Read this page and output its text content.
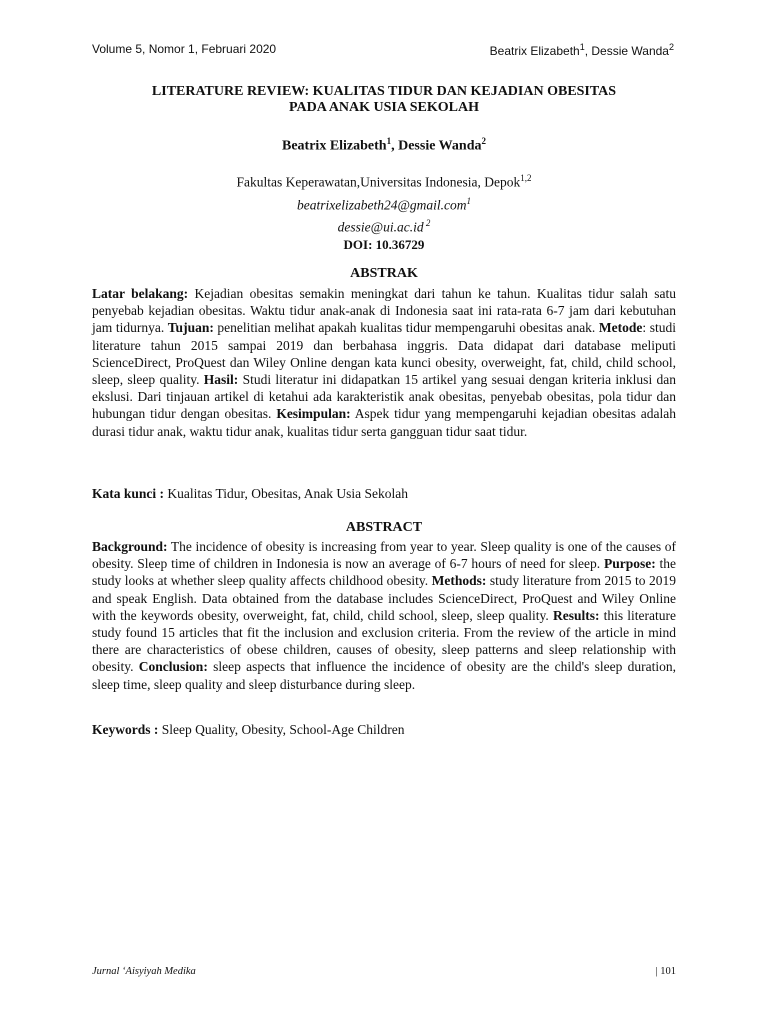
Volume 5, Nomor 1, Februari 2020	Beatrix Elizabeth$^1$, Dessie Wanda$^2$
LITERATURE REVIEW: KUALITAS TIDUR DAN KEJADIAN OBESITAS
PADA ANAK USIA SEKOLAH
Beatrix Elizabeth$^1$, Dessie Wanda$^2$
Fakultas Keperawatan,Universitas Indonesia, Depok$^{1,2}$
beatrixelizabeth24@gmail.com$^1$
dessie@ui.ac.id $^2$
DOI: 10.36729
ABSTRAK
Latar belakang: Kejadian obesitas semakin meningkat dari tahun ke tahun. Kualitas tidur salah satu penyebab kejadian obesitas. Waktu tidur anak-anak di Indonesia saat ini rata-rata 6-7 jam dari kebutuhan jam tidurnya. Tujuan: penelitian melihat apakah kualitas tidur mempengaruhi obesitas anak. Metode: studi literature tahun 2015 sampai 2019 dan berbahasa inggris. Data didapat dari database meliputi ScienceDirect, ProQuest dan Wiley Online dengan kata kunci obesity, overweight, fat, child, child school, sleep, sleep quality. Hasil: Studi literatur ini didapatkan 15 artikel yang sesuai dengan kriteria inklusi dan ekslusi. Dari tinjauan artikel di ketahui ada karakteristik anak obesitas, penyebab obesitas, pola tidur dan hubungan tidur dengan obesitas. Kesimpulan: Aspek tidur yang mempengaruhi kejadian obesitas adalah durasi tidur anak, waktu tidur anak, kualitas tidur serta gangguan tidur saat tidur.
Kata kunci : Kualitas Tidur, Obesitas, Anak Usia Sekolah
ABSTRACT
Background: The incidence of obesity is increasing from year to year. Sleep quality is one of the causes of obesity. Sleep time of children in Indonesia is now an average of 6-7 hours of need for sleep. Purpose: the study looks at whether sleep quality affects childhood obesity. Methods: study literature from 2015 to 2019 and speak English. Data obtained from the database includes ScienceDirect, ProQuest and Wiley Online with the keywords obesity, overweight, fat, child, child school, sleep, sleep quality. Results: this literature study found 15 articles that fit the inclusion and exclusion criteria. From the review of the article in mind there are characteristics of obese children, causes of obesity, sleep patterns and sleep relationship with obesity. Conclusion: sleep aspects that influence the incidence of obesity are the child's sleep duration, sleep time, sleep quality and sleep disturbance during sleep.
Keywords : Sleep Quality, Obesity, School-Age Children
Jurnal ‘Aisyiyah Medika	| 101
